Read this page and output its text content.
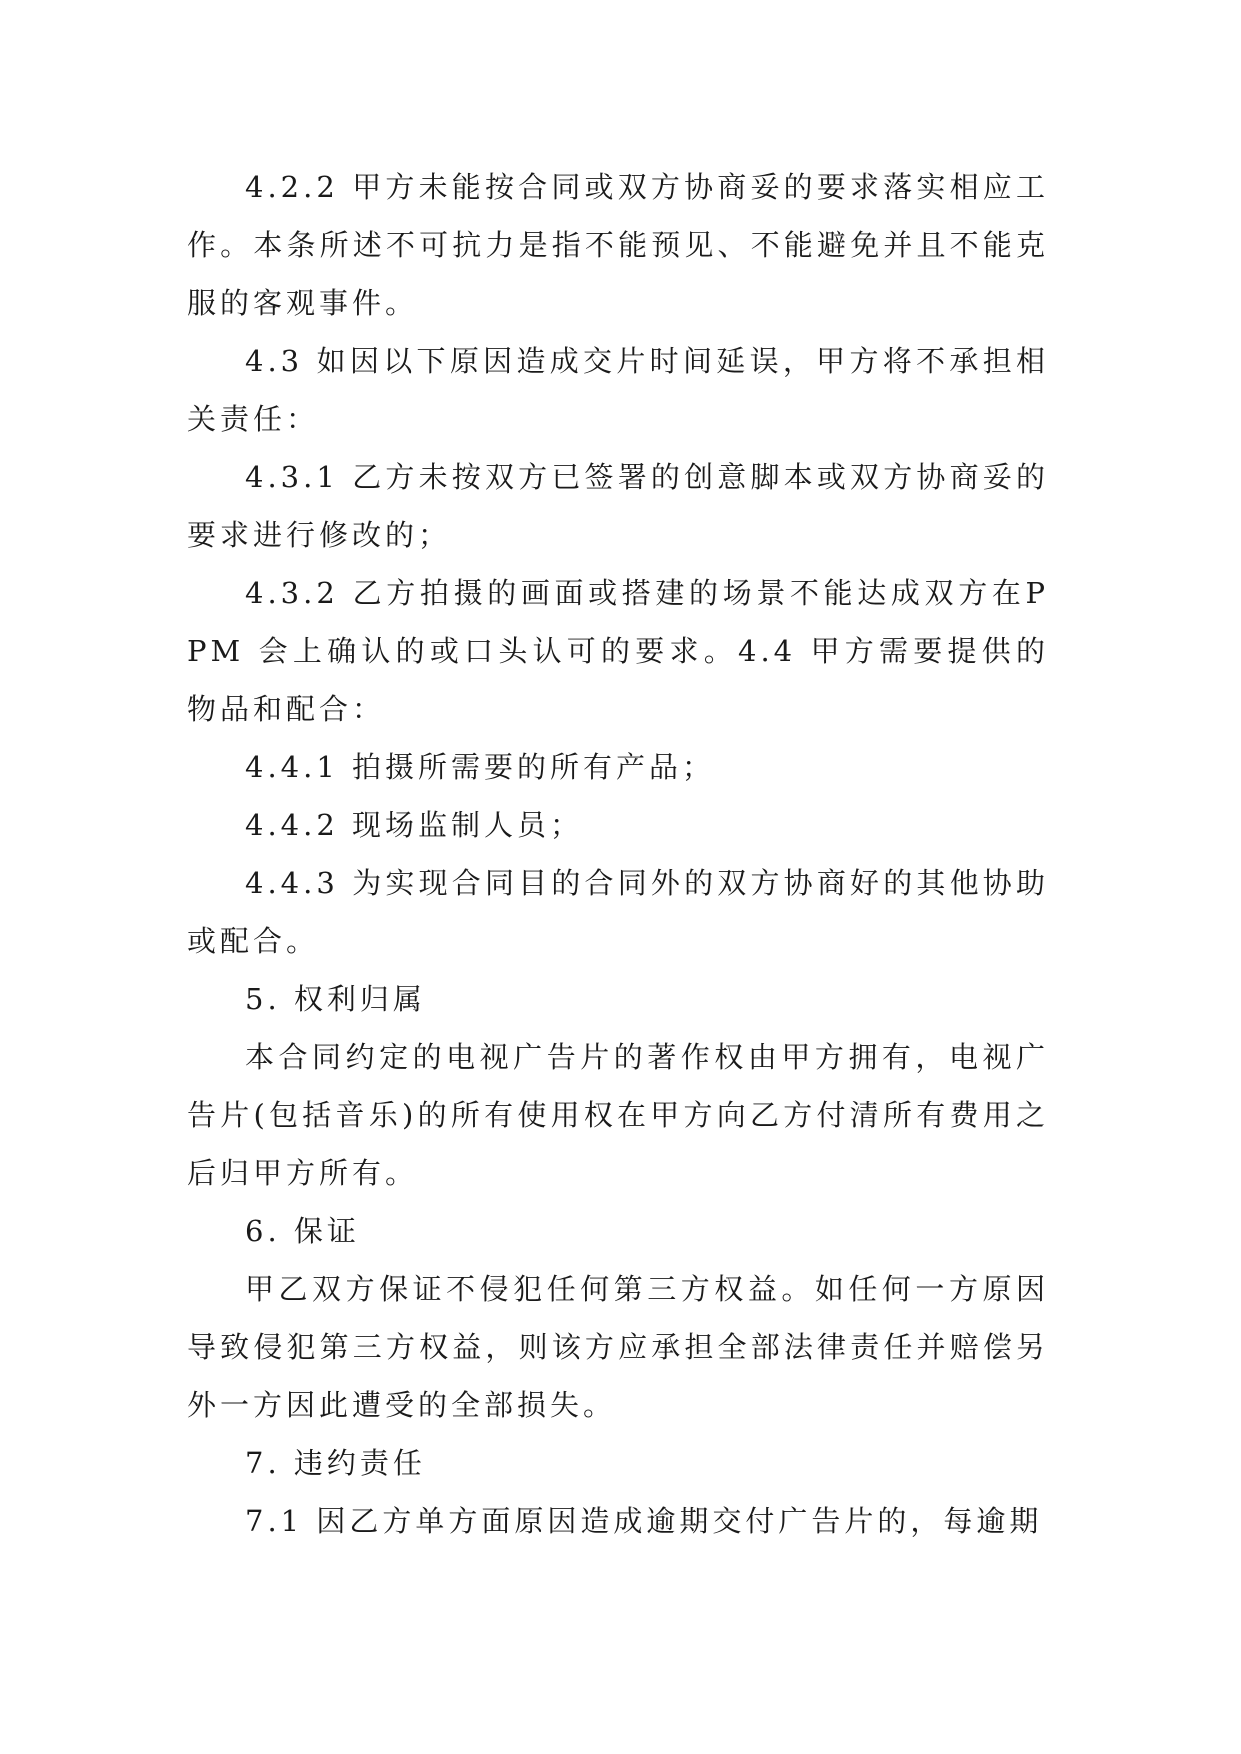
4.2.2 甲方未能按合同或双方协商妥的要求落实相应工作。本条所述不可抗力是指不能预见、不能避免并且不能克服的客观事件。

4.3 如因以下原因造成交片时间延误，甲方将不承担相关责任：

4.3.1 乙方未按双方已签署的创意脚本或双方协商妥的要求进行修改的；

4.3.2 乙方拍摄的画面或搭建的场景不能达成双方在PPM 会上确认的或口头认可的要求。4.4 甲方需要提供的物品和配合：

4.4.1 拍摄所需要的所有产品；

4.4.2 现场监制人员；

4.4.3 为实现合同目的合同外的双方协商好的其他协助或配合。

5. 权利归属

本合同约定的电视广告片的著作权由甲方拥有，电视广告片(包括音乐)的所有使用权在甲方向乙方付清所有费用之后归甲方所有。

6. 保证

甲乙双方保证不侵犯任何第三方权益。如任何一方原因导致侵犯第三方权益，则该方应承担全部法律责任并赔偿另外一方因此遭受的全部损失。

7. 违约责任

7.1 因乙方单方面原因造成逾期交付广告片的，每逾期
